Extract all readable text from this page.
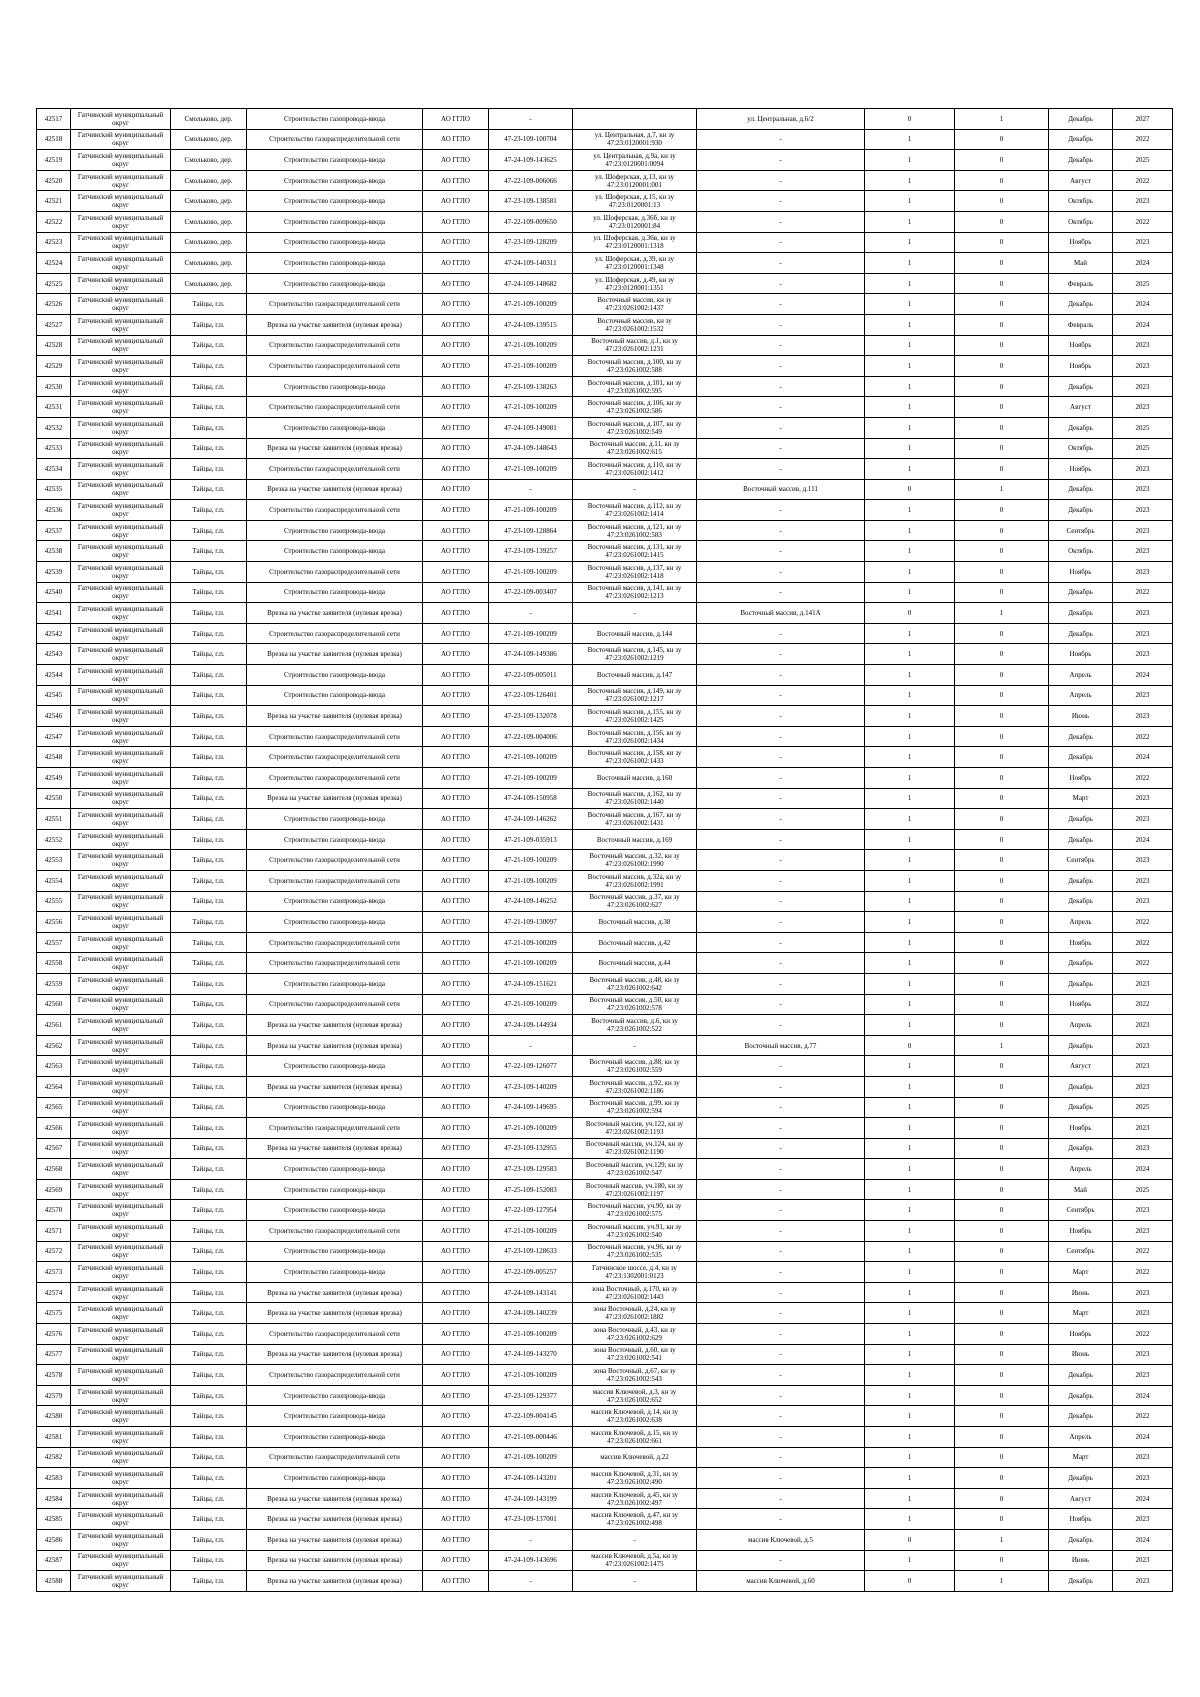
42517	Гатчинский муниципальный округ	Смольково, дер.	Строительство газопровода-ввода	АО ГГЛО	-		ул. Центральная, д.6/2	0	1	Декабрь	2027
42518	Гатчинский муниципальный округ	Смольково, дер.	Строительство газораспределительной сети	АО ГГЛО	47-23-109-100704	ул. Центральная, д.7, кн зу 47:23:0120001:930	-	1	0	Декабрь	2022
42519	Гатчинский муниципальный округ	Смольково, дер.	Строительство газопровода-ввода	АО ГГЛО	47-24-109-143625	ул. Центральная, д.9а, кн зу 47:23:0120001:0094	-	1	0	Декабрь	2025
42520	Гатчинский муниципальный округ	Смольково, дер.	Строительство газопровода-ввода	АО ГГЛО	47-22-109-006066	ул. Шоферская, д.13, кн зу 47:23:0120001:001	-	1	0	Август	2022
42521	Гатчинский муниципальный округ	Смольково, дер.	Строительство газопровода-ввода	АО ГГЛО	47-23-109-138581	ул. Шоферская, д.15, кн зу 47:23:0120001:13	-	1	0	Октябрь	2023
42522	Гатчинский муниципальный округ	Смольково, дер.	Строительство газопровода-ввода	АО ГГЛО	47-22-109-009650	ул. Шоферская, д.36б, кн зу 47:23:0120001:84	-	1	0	Октябрь	2022
42523	Гатчинский муниципальный округ	Смольково, дер.	Строительство газопровода-ввода	АО ГГЛО	47-23-109-128209	ул. Шоферская, д.36в, кн зу 47:23:0120001:1318	-	1	0	Ноябрь	2023
42524	Гатчинский муниципальный округ	Смольково, дер.	Строительство газопровода-ввода	АО ГГЛО	47-24-109-140311	ул. Шоферская, д.39, кн зу 47:23:0120001:1348	-	1	0	Май	2024
42525	Гатчинский муниципальный округ	Смольково, дер.	Строительство газопровода-ввода	АО ГГЛО	47-24-109-148682	ул. Шоферская, д.49, кн зу 47:23:0120001:1351	-	1	0	Февраль	2025
42526	Гатчинский муниципальный округ	Тайцы, г.п.	Строительство газораспределительной сети	АО ГГЛО	47-21-109-100209	Восточный массив, кн зу 47:23:0261002:1437	-	1	0	Декабрь	2024
42527	Гатчинский муниципальный округ	Тайцы, г.п.	Врезка на участке заявителя (нулевая врезка)	АО ГГЛО	47-24-109-139515	Восточный массив, кн зу 47:23:0261002:1532	-	1	0	Февраль	2024
42528	Гатчинский муниципальный округ	Тайцы, г.п.	Строительство газораспределительной сети	АО ГГЛО	47-21-109-100209	Восточный массив, д.1, кн зу 47:23:0261002:1231	-	1	0	Ноябрь	2023
42529	Гатчинский муниципальный округ	Тайцы, г.п.	Строительство газораспределительной сети	АО ГГЛО	47-21-109-100209	Восточный массив, д.100, кн зу 47:23:0261002:588	-	1	0	Ноябрь	2023
42530	Гатчинский муниципальный округ	Тайцы, г.п.	Строительство газопровода-ввода	АО ГГЛО	47-23-109-138263	Восточный массив, д.101, кн зу 47:23:0261002:595	-	1	0	Декабрь	2023
42531	Гатчинский муниципальный округ	Тайцы, г.п.	Строительство газораспределительной сети	АО ГГЛО	47-21-109-100209	Восточный массив, д.106, кн зу 47:23:0261002:586	-	1	0	Август	2023
42532	Гатчинский муниципальный округ	Тайцы, г.п.	Строительство газопровода-ввода	АО ГГЛО	47-24-109-149081	Восточный массив, д.107, кн зу 47:23:0261002:549	-	1	0	Декабрь	2025
42533	Гатчинский муниципальный округ	Тайцы, г.п.	Врезка на участке заявителя (нулевая врезка)	АО ГГЛО	47-24-109-148643	Восточный массив, д.11, кн зу 47:23:0261002:615	-	1	0	Октябрь	2025
42534	Гатчинский муниципальный округ	Тайцы, г.п.	Строительство газораспределительной сети	АО ГГЛО	47-21-109-100209	Восточный массив, д.110, кн зу 47:23:0261002:1412	-	1	0	Ноябрь	2023
42535	Гатчинский муниципальный округ	Тайцы, г.п.	Врезка на участке заявителя (нулевая врезка)	АО ГГЛО	-	-	Восточный массив, д.111	0	1	Декабрь	2023
42536	Гатчинский муниципальный округ	Тайцы, г.п.	Строительство газораспределительной сети	АО ГГЛО	47-21-109-100209	Восточный массив, д.112, кн зу 47:23:0261002:1414	-	1	0	Декабрь	2023
42537	Гатчинский муниципальный округ	Тайцы, г.п.	Строительство газопровода-ввода	АО ГГЛО	47-23-109-128864	Восточный массив, д.121, кн зу 47:23:0261002:583	-	1	0	Сентябрь	2023
42538	Гатчинский муниципальный округ	Тайцы, г.п.	Строительство газопровода-ввода	АО ГГЛО	47-23-109-139257	Восточный массив, д.131, кн зу 47:23:0261002:1415	-	1	0	Октябрь	2023
42539	Гатчинский муниципальный округ	Тайцы, г.п.	Строительство газораспределительной сети	АО ГГЛО	47-21-109-100209	Восточный массив, д.137, кн зу 47:23:0261002:1418	-	1	0	Ноябрь	2023
42540	Гатчинский муниципальный округ	Тайцы, г.п.	Строительство газопровода-ввода	АО ГГЛО	47-22-109-003407	Восточный массив, д.141, кн зу 47:23:0261002:1213	-	1	0	Декабрь	2022
42541	Гатчинский муниципальный округ	Тайцы, г.п.	Врезка на участке заявителя (нулевая врезка)	АО ГГЛО	-	-	Восточный массив, д.141А	0	1	Декабрь	2023
42542	Гатчинский муниципальный округ	Тайцы, г.п.	Строительство газораспределительной сети	АО ГГЛО	47-21-109-100209	Восточный массив, д.144	-	1	0	Декабрь	2023
42543	Гатчинский муниципальный округ	Тайцы, г.п.	Врезка на участке заявителя (нулевая врезка)	АО ГГЛО	47-24-109-149386	Восточный массив, д.145, кн зу 47:23:0261002:1219	-	1	0	Ноябрь	2023
42544	Гатчинский муниципальный округ	Тайцы, г.п.	Строительство газопровода-ввода	АО ГГЛО	47-22-109-005011	Восточный массив, д.147	-	1	0	Апрель	2024
42545	Гатчинский муниципальный округ	Тайцы, г.п.	Строительство газопровода-ввода	АО ГГЛО	47-22-109-126401	Восточный массив, д.149, кн зу 47:23:0261002:1217	-	1	0	Апрель	2023
42546	Гатчинский муниципальный округ	Тайцы, г.п.	Врезка на участке заявителя (нулевая врезка)	АО ГГЛО	47-23-109-132078	Восточный массив, д.155, кн зу 47:23:0261002:1425	-	1	0	Июнь	2023
42547	Гатчинский муниципальный округ	Тайцы, г.п.	Строительство газораспределительной сети	АО ГГЛО	47-22-109-004006	Восточный массив, д.156, кн зу 47:23:0261002:1434	-	1	0	Декабрь	2022
42548	Гатчинский муниципальный округ	Тайцы, г.п.	Строительство газораспределительной сети	АО ГГЛО	47-21-109-100209	Восточный массив, д.158, кн зу 47:23:0261002:1433	-	1	0	Декабрь	2024
42549	Гатчинский муниципальный округ	Тайцы, г.п.	Строительство газораспределительной сети	АО ГГЛО	47-21-109-100209	Восточный массив, д.160	-	1	0	Ноябрь	2022
42550	Гатчинский муниципальный округ	Тайцы, г.п.	Врезка на участке заявителя (нулевая врезка)	АО ГГЛО	47-24-109-150958	Восточный массив, д.162, кн зу 47:23:0261002:1440	-	1	0	Март	2023
42551	Гатчинский муниципальный округ	Тайцы, г.п.	Строительство газопровода-ввода	АО ГГЛО	47-24-109-146262	Восточный массив, д.167, кн зу 47:23:0261002:1431	-	1	0	Декабрь	2023
42552	Гатчинский муниципальный округ	Тайцы, г.п.	Строительство газопровода-ввода	АО ГГЛО	47-21-109-035913	Восточный массив, д.169	-	1	0	Декабрь	2024
42553	Гатчинский муниципальный округ	Тайцы, г.п.	Строительство газораспределительной сети	АО ГГЛО	47-21-109-100209	Восточный массив, д.32, кн зу 47:23:0261002:1990	-	1	0	Сентябрь	2023
42554	Гатчинский муниципальный округ	Тайцы, г.п.	Строительство газораспределительной сети	АО ГГЛО	47-21-109-100209	Восточный массив, д.32а, кн зу 47:23:0261002:1991	-	1	0	Декабрь	2023
42555	Гатчинский муниципальный округ	Тайцы, г.п.	Строительство газопровода-ввода	АО ГГЛО	47-24-109-146252	Восточный массив, д.37, кн зу 47:23:0261002:627	-	1	0	Декабрь	2023
42556	Гатчинский муниципальный округ	Тайцы, г.п.	Строительство газопровода-ввода	АО ГГЛО	47-21-109-130097	Восточный массив, д.38	-	1	0	Апрель	2022
42557	Гатчинский муниципальный округ	Тайцы, г.п.	Строительство газораспределительной сети	АО ГГЛО	47-21-109-100209	Восточный массив, д.42	-	1	0	Ноябрь	2022
42558	Гатчинский муниципальный округ	Тайцы, г.п.	Строительство газораспределительной сети	АО ГГЛО	47-21-109-100209	Восточный массив, д.44	-	1	0	Декабрь	2022
42559	Гатчинский муниципальный округ	Тайцы, г.п.	Строительство газопровода-ввода	АО ГГЛО	47-24-109-151621	Восточный массив, д.48, кн зу 47:23:0261002:642	-	1	0	Декабрь	2023
42560	Гатчинский муниципальный округ	Тайцы, г.п.	Строительство газораспределительной сети	АО ГГЛО	47-21-109-100209	Восточный массив, д.50, кн зу 47:23:0261002:578	-	1	0	Ноябрь	2022
42561	Гатчинский муниципальный округ	Тайцы, г.п.	Врезка на участке заявителя (нулевая врезка)	АО ГГЛО	47-24-109-144934	Восточный массив, д.6, кн зу 47:23:0261002:522	-	1	0	Апрель	2023
42562	Гатчинский муниципальный округ	Тайцы, г.п.	Врезка на участке заявителя (нулевая врезка)	АО ГГЛО	-	-	Восточный массив, д.77	0	1	Декабрь	2023
42563	Гатчинский муниципальный округ	Тайцы, г.п.	Строительство газопровода-ввода	АО ГГЛО	47-22-109-126077	Восточный массив, д.88, кн зу 47:23:0261002:559	-	1	0	Август	2023
42564	Гатчинский муниципальный округ	Тайцы, г.п.	Врезка на участке заявителя (нулевая врезка)	АО ГГЛО	47-23-109-140209	Восточный массив, д.92, кн зу 47:23:0261002:1186	-	1	0	Декабрь	2023
42565	Гатчинский муниципальный округ	Тайцы, г.п.	Строительство газопровода-ввода	АО ГГЛО	47-24-109-149695	Восточный массив, д.99, кн зу 47:23:0261002:594	-	1	0	Декабрь	2025
42566	Гатчинский муниципальный округ	Тайцы, г.п.	Строительство газораспределительной сети	АО ГГЛО	47-21-109-100209	Восточный массив, уч.122, кн зу 47:23:0261002:1193	-	1	0	Ноябрь	2023
42567	Гатчинский муниципальный округ	Тайцы, г.п.	Врезка на участке заявителя (нулевая врезка)	АО ГГЛО	47-23-109-132955	Восточный массив, уч.124, кн зу 47:23:0261002:1190	-	1	0	Декабрь	2023
42568	Гатчинский муниципальный округ	Тайцы, г.п.	Строительство газопровода-ввода	АО ГГЛО	47-23-109-129583	Восточный массив, уч.129, кн зу 47:23:0261002:547	-	1	0	Апрель	2024
42569	Гатчинский муниципальный округ	Тайцы, г.п.	Строительство газопровода-ввода	АО ГГЛО	47-25-109-152083	Восточный массив, уч.180, кн зу 47:23:0261002:1197	-	1	0	Май	2025
42570	Гатчинский муниципальный округ	Тайцы, г.п.	Строительство газопровода-ввода	АО ГГЛО	47-22-109-127954	Восточный массив, уч.90, кн зу 47:23:0261002:575	-	1	0	Сентябрь	2023
42571	Гатчинский муниципальный округ	Тайцы, г.п.	Строительство газораспределительной сети	АО ГГЛО	47-21-109-100209	Восточный массив, уч.91, кн зу 47:23:0261002:540	-	1	0	Ноябрь	2023
42572	Гатчинский муниципальный округ	Тайцы, г.п.	Строительство газопровода-ввода	АО ГГЛО	47-23-109-128633	Восточный массив, уч.96, кн зу 47:23:0261002:535	-	1	0	Сентябрь	2022
42573	Гатчинский муниципальный округ	Тайцы, г.п.	Строительство газопровода-ввода	АО ГГЛО	47-22-109-005257	Гатчинское шоссе, д.4, кн зу 47:23:1302001:0123	-	1	0	Март	2022
42574	Гатчинский муниципальный округ	Тайцы, г.п.	Врезка на участке заявителя (нулевая врезка)	АО ГГЛО	47-24-109-143141	зона Восточный, д.170, кн зу 47:23:0261002:1443	-	1	0	Июнь	2023
42575	Гатчинский муниципальный округ	Тайцы, г.п.	Врезка на участке заявителя (нулевая врезка)	АО ГГЛО	47-24-109-140239	зона Восточный, д.24, кн зу 47:23:0261002:1882	-	1	0	Март	2023
42576	Гатчинский муниципальный округ	Тайцы, г.п.	Строительство газораспределительной сети	АО ГГЛО	47-21-109-100209	зона Восточный, д.43, кн зу 47:23:0261002:629	-	1	0	Ноябрь	2022
42577	Гатчинский муниципальный округ	Тайцы, г.п.	Врезка на участке заявителя (нулевая врезка)	АО ГГЛО	47-24-109-143270	зона Восточный, д.60, кн зу 47:23:0261002:541	-	1	0	Июнь	2023
42578	Гатчинский муниципальный округ	Тайцы, г.п.	Строительство газораспределительной сети	АО ГГЛО	47-21-109-100209	зона Восточный, д.67, кн зу 47:23:0261002:543	-	1	0	Декабрь	2023
42579	Гатчинский муниципальный округ	Тайцы, г.п.	Строительство газопровода-ввода	АО ГГЛО	47-23-109-129377	массив Ключевой, д.3, кн зу 47:23:0261002:652	-	1	0	Декабрь	2024
42580	Гатчинский муниципальный округ	Тайцы, г.п.	Строительство газопровода-ввода	АО ГГЛО	47-22-109-004145	массив Ключевой, д.14, кн зу 47:23:0261002:638	-	1	0	Декабрь	2022
42581	Гатчинский муниципальный округ	Тайцы, г.п.	Строительство газопровода-ввода	АО ГГЛО	47-21-109-000446	массив Ключевой, д.15, кн зу 47:23:0261002:661	-	1	0	Апрель	2024
42582	Гатчинский муниципальный округ	Тайцы, г.п.	Строительство газораспределительной сети	АО ГГЛО	47-21-109-100209	массив Ключевой, д.22	-	1	0	Март	2023
42583	Гатчинский муниципальный округ	Тайцы, г.п.	Строительство газопровода-ввода	АО ГГЛО	47-24-109-143201	массив Ключевой, д.31, кн зу 47:23:0261002:490	-	1	0	Декабрь	2023
42584	Гатчинский муниципальный округ	Тайцы, г.п.	Врезка на участке заявителя (нулевая врезка)	АО ГГЛО	47-24-109-143199	массив Ключевой, д.45, кн зу 47:23:0261002:497	-	1	0	Август	2024
42585	Гатчинский муниципальный округ	Тайцы, г.п.	Врезка на участке заявителя (нулевая врезка)	АО ГГЛО	47-23-109-137001	массив Ключевой, д.47, кн зу 47:23:0261002:498	-	1	0	Ноябрь	2023
42586	Гатчинский муниципальный округ	Тайцы, г.п.	Врезка на участке заявителя (нулевая врезка)	АО ГГЛО	-	-	массив Ключевой, д.5	0	1	Декабрь	2024
42587	Гатчинский муниципальный округ	Тайцы, г.п.	Врезка на участке заявителя (нулевая врезка)	АО ГГЛО	47-24-109-143696	массив Ключевой, д.5а, кн зу 47:23:0261002:1475	-	1	0	Июнь	2023
42588	Гатчинский муниципальный округ	Тайцы, г.п.	Врезка на участке заявителя (нулевая врезка)	АО ГГЛО	-	-	массив Ключевой, д.60	0	1	Декабрь	2023
